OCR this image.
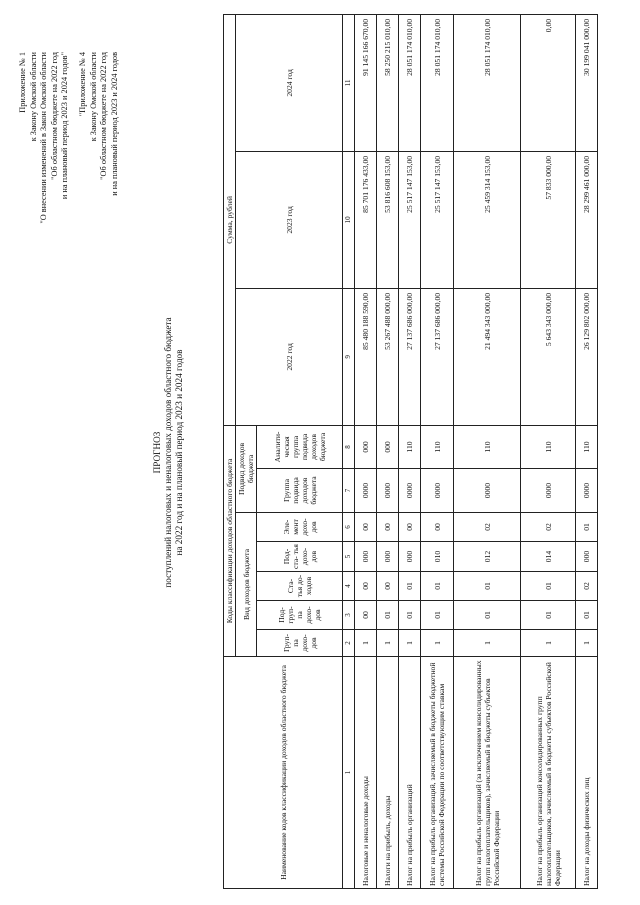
Приложение № 1 к Закону Омской области "О внесении изменений в Закон Омской области "Об областном бюджете на 2022 год и на плановый период 2023 и 2024 годов" "Приложение № 4 к Закону Омской области "Об областном бюджете на 2022 год и на плановый период 2023 и 2024 годов
ПРОГНОЗ поступлений налоговых и неналоговых доходов областного бюджета на 2022 год и на плановый период 2023 и 2024 годов
Наименование кодов классификации доходов областного бюджета	Коды классификации доходов областного бюджета							Сумма, рублей		
	Вид доходов бюджета					Подвид доходов бюджета		2022 год	2023 год	2024 год
	Груп- па дохо- дов	Под- груп- па дохо- дов	Ста- тья до- ходов	Под- ста- тья дохо- дов	Эле- мент дохо- дов	Группа подвида доходов бюджета	Аналити- ческая группа подвида доходов бюджета			
1	2	3	4	5	6	7	8	9	10	11
Налоговые и неналоговые доходы	1	00	00	000	00	0000	000	85 480 188 590,00	85 701 176 433,00	91 145 166 670,00
Налоги на прибыль, доходы	1	01	00	000	00	0000	000	53 267 488 000,00	53 816 608 153,00	58 250 215 010,00
Налог на прибыль организаций	1	01	01	000	00	0000	110	27 137 686 000,00	25 517 147 153,00	28 051 174 010,00
Налог на прибыль организаций, зачисляемый в бюджеты бюджетной системы Российской Федерации по соответствующим ставкам	1	01	01	010	00	0000	110	27 137 686 000,00	25 517 147 153,00	28 051 174 010,00
Налог на прибыль организаций (за исключением консолидированных групп налогоплательщиков), зачисляемый в бюджеты субъектов Российской Федерации	1	01	01	012	02	0000	110	21 494 343 000,00	25 459 314 153,00	28 051 174 010,00
Налог на прибыль организаций консолидированных групп налогоплательщиков, зачисляемый в бюджеты субъектов Российской Федерации	1	01	01	014	02	0000	110	5 643 343 000,00	57 833 000,00	0,00
Налог на доходы физических лиц	1	01	02	000	01	0000	110	26 129 802 000,00	28 299 461 000,00	30 199 041 000,00
